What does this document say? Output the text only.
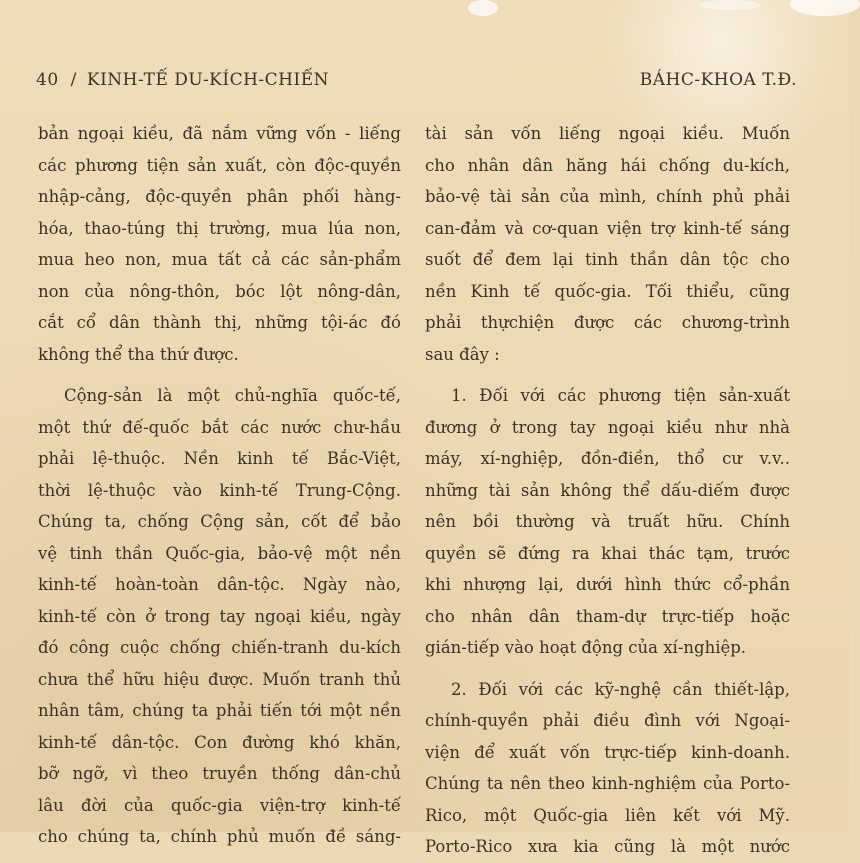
40 / KINH-TẾ DU-KÍCH-CHIẾN	BÁHC-KHOA T.Đ.
bản ngoại kiều, đã nắm vững vốn - liếng
các phương tiện sản xuất, còn độc-quyền
nhập-cảng, độc-quyền phân phối hàng-
hóa, thao-túng thị trường, mua lúa non,
mua heo non, mua tất cả các sản-phẩm
non của nông-thôn, bóc lột nông-dân,
cắt cổ dân thành thị, những tội-ác đó
không thể tha thứ được.
Cộng-sản là một chủ-nghĩa quốc-tế,
một thứ đế-quốc bắt các nước chư-hầu
phải lệ-thuộc. Nền kinh tế Bắc-Việt,
thời lệ-thuộc vào kinh-tế Trung-Cộng.
Chúng ta, chống Cộng sản, cốt để bảo
vệ tinh thần Quốc-gia, bảo-vệ một nền
kinh-tế hoàn-toàn dân-tộc. Ngày nào,
kinh-tế còn ở trong tay ngoại kiều, ngày
đó công cuộc chống chiến-tranh du-kích
chưa thể hữu hiệu được. Muốn tranh thủ
nhân tâm, chúng ta phải tiến tới một nền
kinh-tế dân-tộc. Con đường khó khăn,
bỡ ngỡ, vì theo truyền thống dân-chủ
lâu đời của quốc-gia viện-trợ kinh-tế
cho chúng ta, chính phủ muốn đề sáng-
tài sản vốn liếng ngoại kiều. Muốn
cho nhân dân hăng hái chống du-kích,
bảo-vệ tài sản của mình, chính phủ phải
can-đảm và cơ-quan viện trợ kinh-tế sáng
suốt để đem lại tinh thần dân tộc cho
nền Kinh tế quốc-gia. Tối thiểu, cũng
phải thựchiện được các chương-trình
sau đây :
1. Đối với các phương tiện sản-xuất
đương ở trong tay ngoại kiều như nhà
máy, xí-nghiệp, đồn-điền, thổ cư v.v..
những tài sản không thể dấu-diếm được
nên bồi thường và truất hữu. Chính
quyền sẽ đứng ra khai thác tạm, trước
khi nhượng lại, dưới hình thức cổ-phần
cho nhân dân tham-dự trực-tiếp hoặc
gián-tiếp vào hoạt động của xí-nghiệp.
2. Đối với các kỹ-nghệ cần thiết-lập,
chính-quyền phải điều đình với Ngoại-
viện để xuất vốn trực-tiếp kinh-doanh.
Chúng ta nên theo kinh-nghiệm của Porto-
Rico, một Quốc-gia liên kết với Mỹ.
Porto-Rico xưa kia cũng là một nước
